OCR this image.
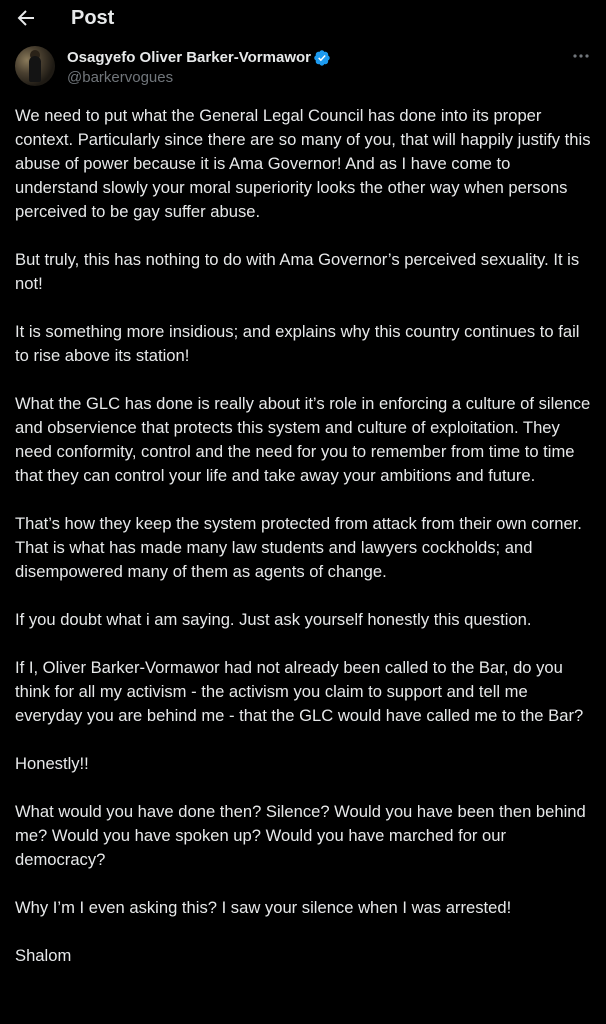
Post
Osagyefo Oliver Barker-Vormawor
@barkervogues

We need to put what the General Legal Council has done into its proper context. Particularly since there are so many of you, that will happily justify this abuse of power because it is Ama Governor! And as I have come to understand slowly your moral superiority looks the other way when persons perceived to be gay suffer abuse.

But truly, this has nothing to do with Ama Governor’s perceived sexuality. It is not!

It is something more insidious; and explains why this country continues to fail to rise above its station!

What the GLC has done is really about it’s role in enforcing a culture of silence and observience that protects this system and culture of exploitation. They need conformity, control and the need for you to remember from time to time that they can control your life and take away your ambitions and future.

That’s how they keep the system protected from attack from their own corner. That is what has made many law students and lawyers cockholds; and disempowered many of them as agents of change.

If you doubt what i am saying. Just ask yourself honestly this question.

If I, Oliver Barker-Vormawor had not already been called to the Bar, do you think for all my activism - the activism you claim to support and tell me everyday you are behind me - that the GLC would have called me to the Bar?

Honestly!!

What would you have done then? Silence? Would you have been then behind me? Would you have spoken up? Would you have marched for our democracy?

Why I’m I even asking this? I saw your silence when I was arrested!

Shalom
